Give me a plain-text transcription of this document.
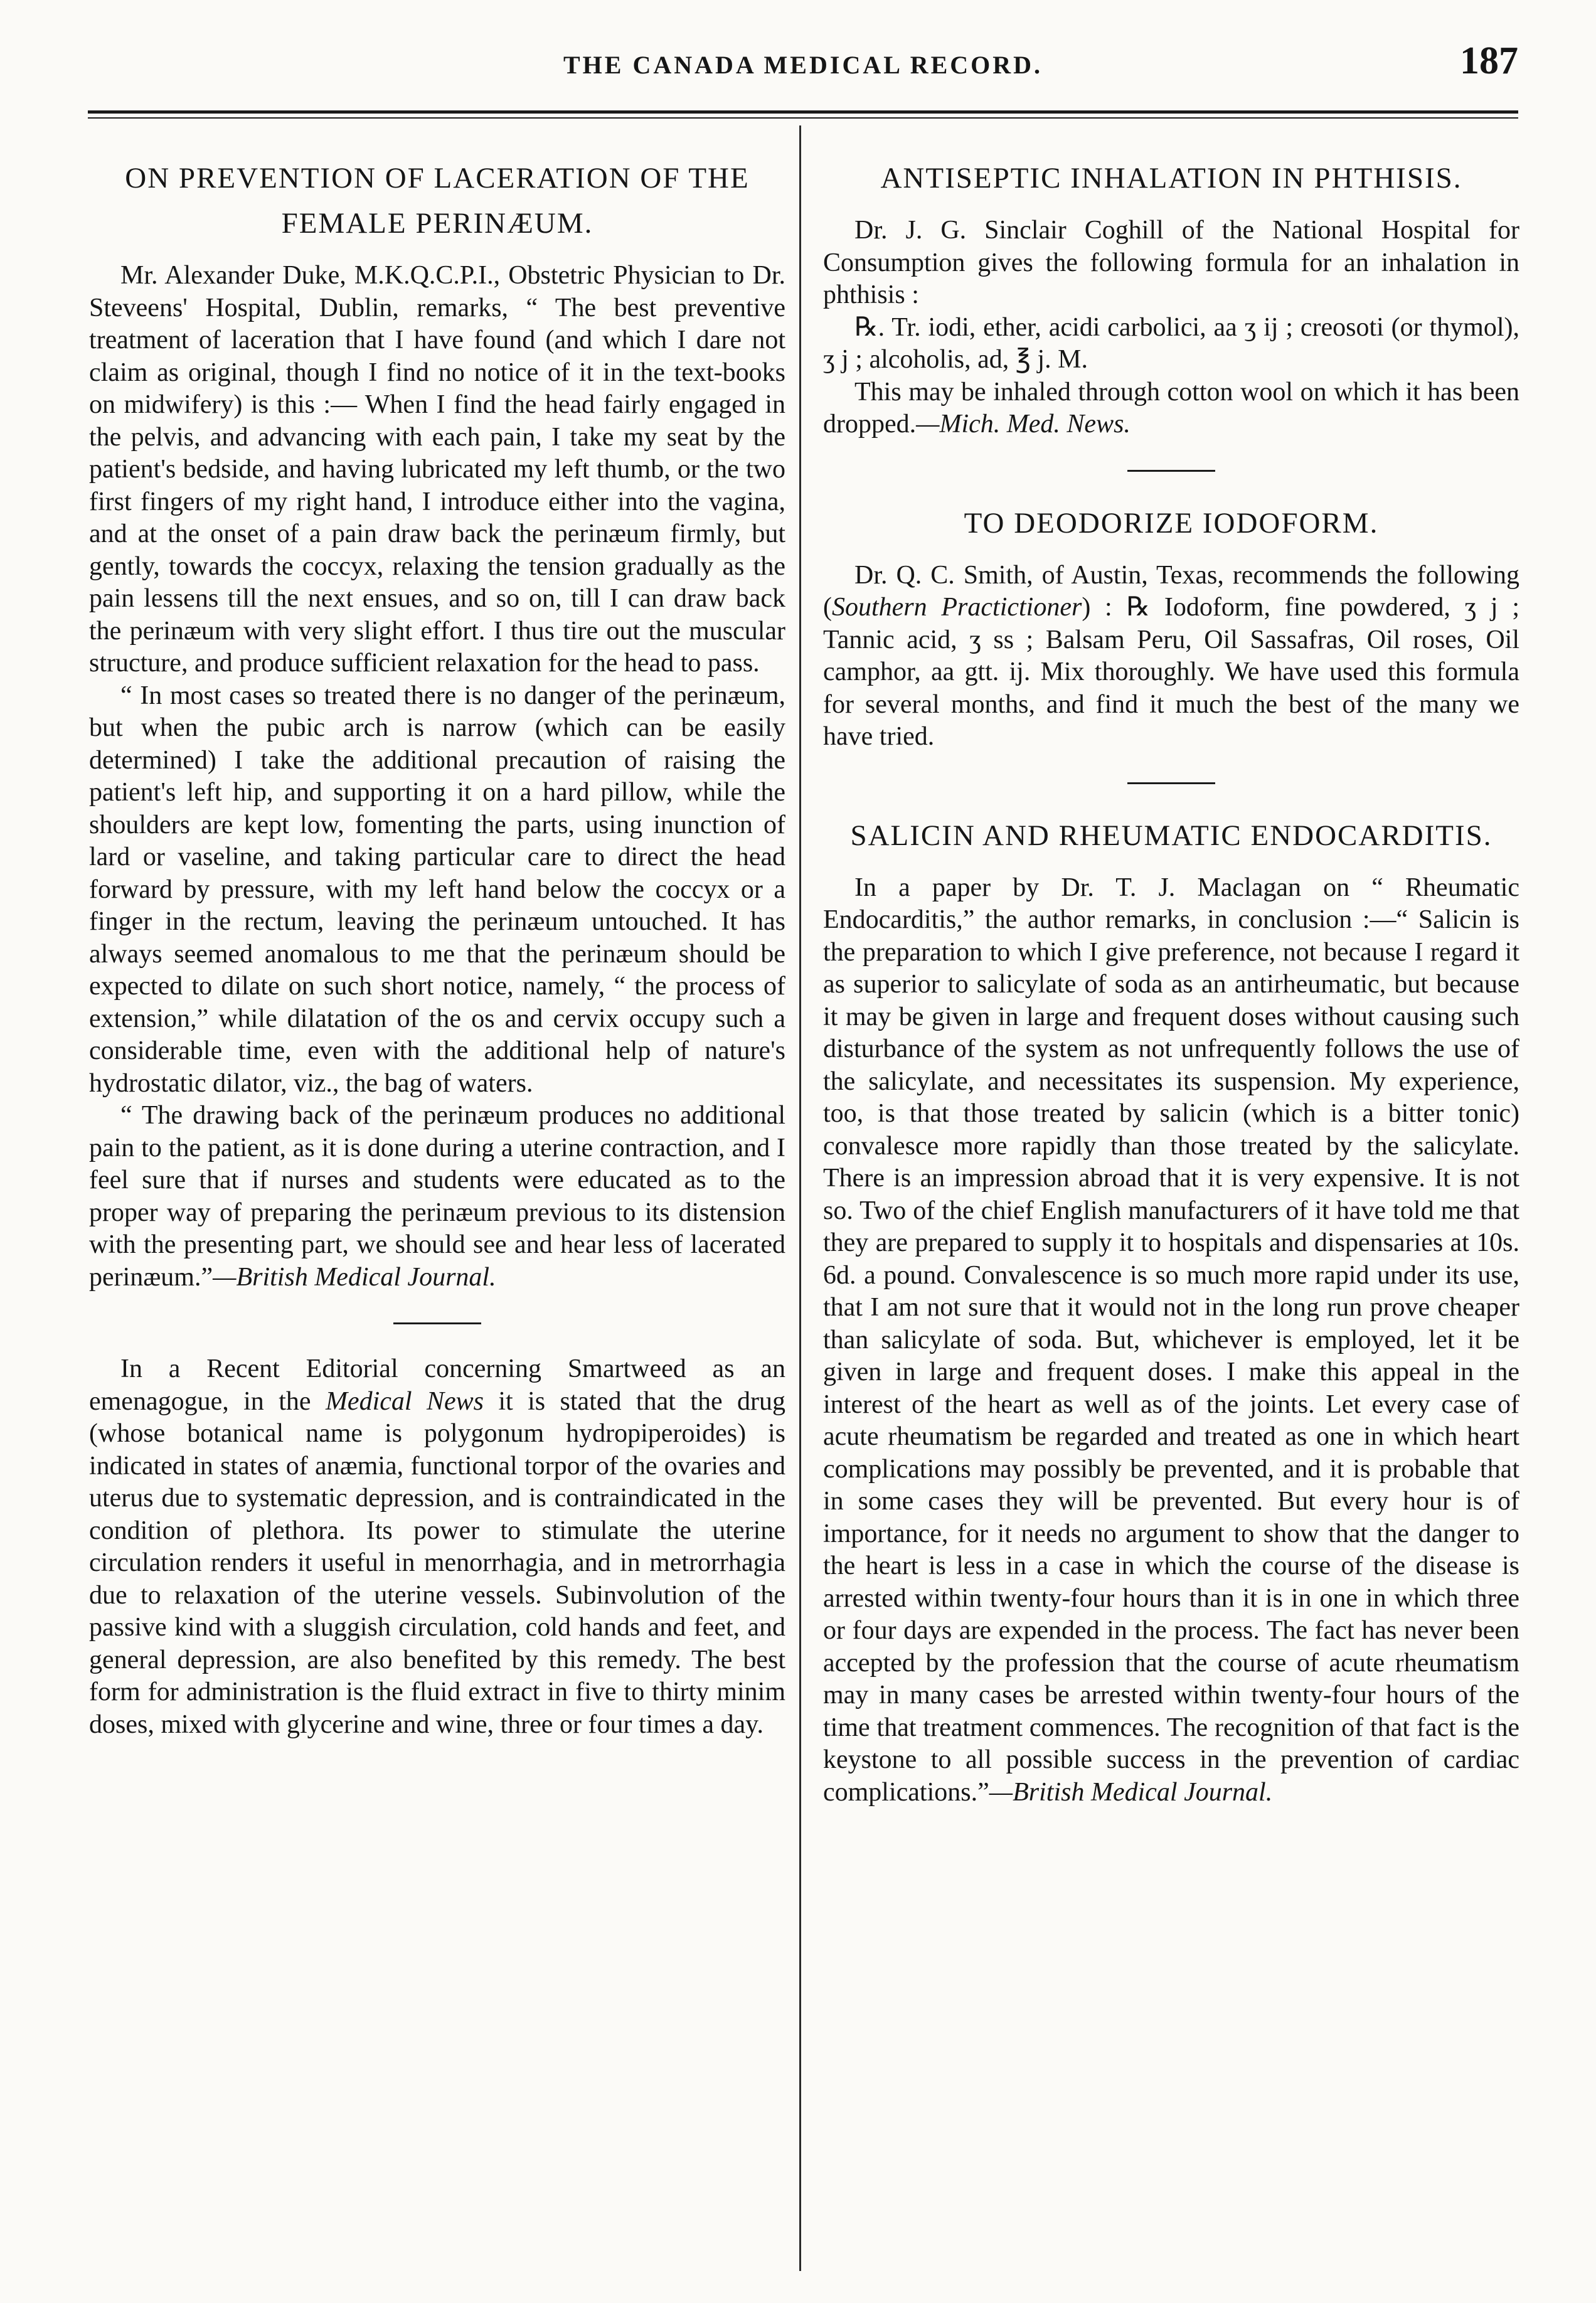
THE CANADA MEDICAL RECORD.	187
ON PREVENTION OF LACERATION OF THE FEMALE PERINÆUM.

Mr. Alexander Duke, M.K.Q.C.P.I., Obstetric Physician to Dr. Steveens' Hospital, Dublin, remarks, “ The best preventive treatment of laceration that I have found (and which I dare not claim as original, though I find no notice of it in the text-books on midwifery) is this :— When I find the head fairly engaged in the pelvis, and advancing with each pain, I take my seat by the patient's bedside, and having lubricated my left thumb, or the two first fingers of my right hand, I introduce either into the vagina, and at the onset of a pain draw back the perinæum firmly, but gently, towards the coccyx, relaxing the tension gradually as the pain lessens till the next ensues, and so on, till I can draw back the perinæum with very slight effort. I thus tire out the muscular structure, and produce sufficient relaxation for the head to pass.

“ In most cases so treated there is no danger of the perinæum, but when the pubic arch is narrow (which can be easily determined) I take the additional precaution of raising the patient's left hip, and supporting it on a hard pillow, while the shoulders are kept low, fomenting the parts, using inunction of lard or vaseline, and taking particular care to direct the head forward by pressure, with my left hand below the coccyx or a finger in the rectum, leaving the perinæum untouched. It has always seemed anomalous to me that the perinæum should be expected to dilate on such short notice, namely, “ the process of extension,” while dilatation of the os and cervix occupy such a considerable time, even with the additional help of nature's hydrostatic dilator, viz., the bag of waters.

“ The drawing back of the perinæum produces no additional pain to the patient, as it is done during a uterine contraction, and I feel sure that if nurses and students were educated as to the proper way of preparing the perinæum previous to its distension with the presenting part, we should see and hear less of lacerated perinæum.”—British Medical Journal.

In a Recent Editorial concerning Smartweed as an emenagogue, in the Medical News it is stated that the drug (whose botanical name is polygonum hydropiperoides) is indicated in states of anæmia, functional torpor of the ovaries and uterus due to systematic depression, and is contraindicated in the condition of plethora. Its power to stimulate the uterine circulation renders it useful in menorrhagia, and in metrorrhagia due to relaxation of the uterine vessels. Subinvolution of the passive kind with a sluggish circulation, cold hands and feet, and general depression, are also benefited by this remedy. The best form for administration is the fluid extract in five to thirty minim doses, mixed with glycerine and wine, three or four times a day.

ANTISEPTIC INHALATION IN PHTHISIS.

Dr. J. G. Sinclair Coghill of the National Hospital for Consumption gives the following formula for an inhalation in phthisis :

℞. Tr. iodi, ether, acidi carbolici, aa ʒ ij ; creosoti (or thymol), ʒ j ; alcoholis, ad, ℥ j. M.

This may be inhaled through cotton wool on which it has been dropped.—Mich. Med. News.

TO DEODORIZE IODOFORM.

Dr. Q. C. Smith, of Austin, Texas, recommends the following (Southern Practictioner) : ℞ Iodoform, fine powdered, ʒ j ; Tannic acid, ʒ ss ; Balsam Peru, Oil Sassafras, Oil roses, Oil camphor, aa gtt. ij. Mix thoroughly. We have used this formula for several months, and find it much the best of the many we have tried.

SALICIN AND RHEUMATIC ENDOCARDITIS.

In a paper by Dr. T. J. Maclagan on “ Rheumatic Endocarditis,” the author remarks, in conclusion :—“ Salicin is the preparation to which I give preference, not because I regard it as superior to salicylate of soda as an antirheumatic, but because it may be given in large and frequent doses without causing such disturbance of the system as not unfrequently follows the use of the salicylate, and necessitates its suspension. My experience, too, is that those treated by salicin (which is a bitter tonic) convalesce more rapidly than those treated by the salicylate. There is an impression abroad that it is very expensive. It is not so. Two of the chief English manufacturers of it have told me that they are prepared to supply it to hospitals and dispensaries at 10s. 6d. a pound. Convalescence is so much more rapid under its use, that I am not sure that it would not in the long run prove cheaper than salicylate of soda. But, whichever is employed, let it be given in large and frequent doses. I make this appeal in the interest of the heart as well as of the joints. Let every case of acute rheumatism be regarded and treated as one in which heart complications may possibly be prevented, and it is probable that in some cases they will be prevented. But every hour is of importance, for it needs no argument to show that the danger to the heart is less in a case in which the course of the disease is arrested within twenty-four hours than it is in one in which three or four days are expended in the process. The fact has never been accepted by the profession that the course of acute rheumatism may in many cases be arrested within twenty-four hours of the time that treatment commences. The recognition of that fact is the keystone to all possible success in the prevention of cardiac complications.”—British Medical Journal.
